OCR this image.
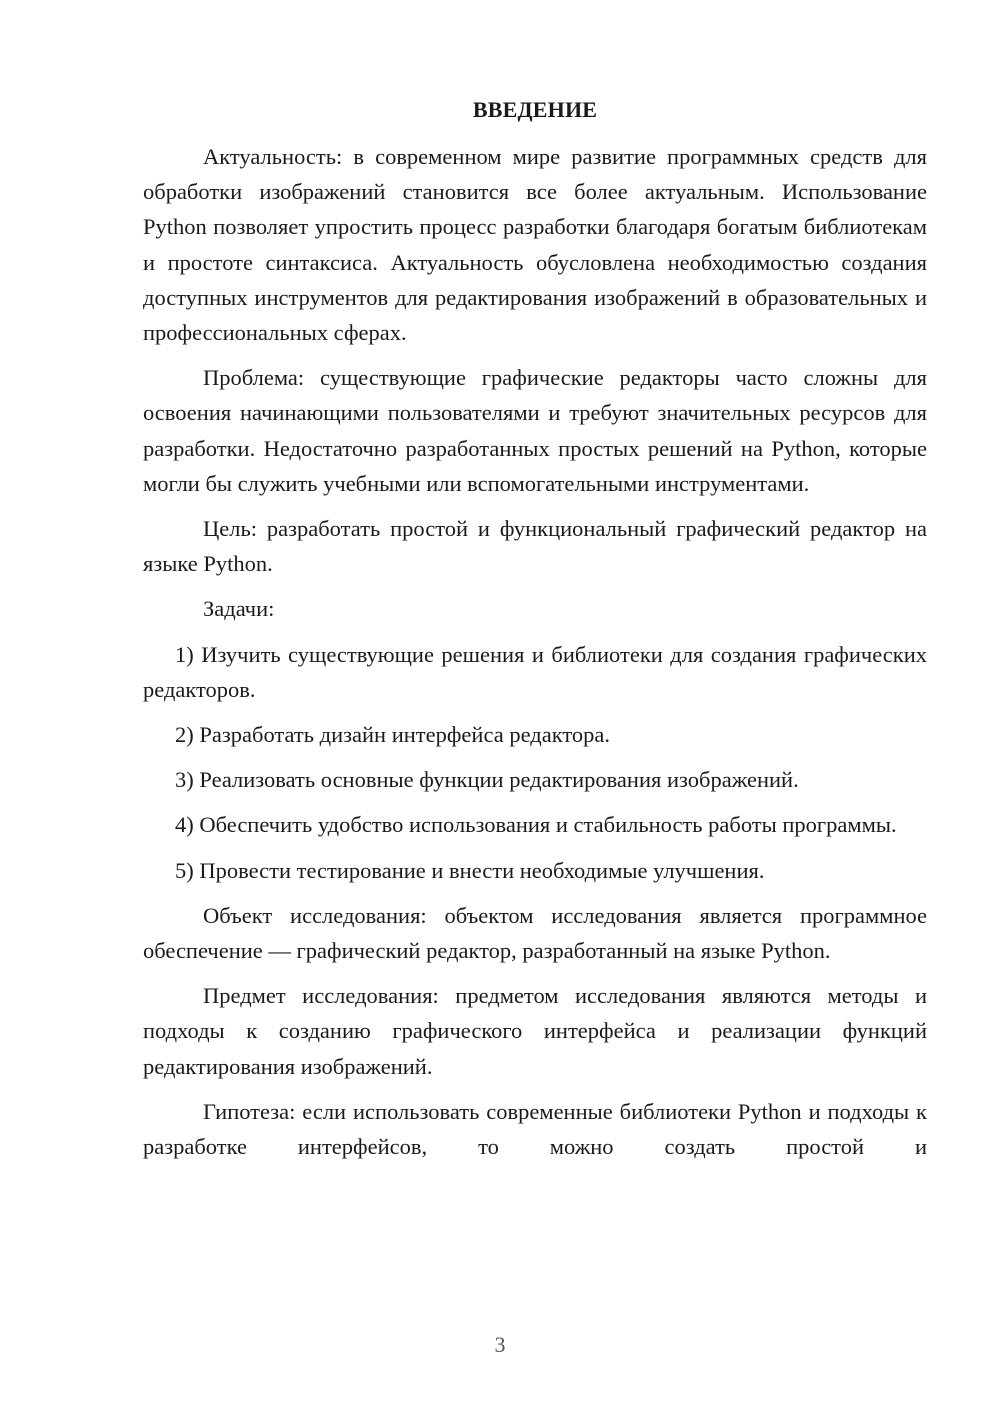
ВВЕДЕНИЕ

Актуальность: в современном мире развитие программных средств для обработки изображений становится все более актуальным. Использование Python позволяет упростить процесс разработки благодаря богатым библиотекам и простоте синтаксиса. Актуальность обусловлена необходимостью создания доступных инструментов для редактирования изображений в образовательных и профессиональных сферах.

Проблема: существующие графические редакторы часто сложны для освоения начинающими пользователями и требуют значительных ресурсов для разработки. Недостаточно разработанных простых решений на Python, которые могли бы служить учебными или вспомогательными инструментами.

Цель: разработать простой и функциональный графический редактор на языке Python.

Задачи:

1) Изучить существующие решения и библиотеки для создания графических редакторов.

2) Разработать дизайн интерфейса редактора.

3) Реализовать основные функции редактирования изображений.

4) Обеспечить удобство использования и стабильность работы программы.

5) Провести тестирование и внести необходимые улучшения.

Объект исследования: объектом исследования является программное обеспечение — графический редактор, разработанный на языке Python.

Предмет исследования: предметом исследования являются методы и подходы к созданию графического интерфейса и реализации функций редактирования изображений.

Гипотеза: если использовать современные библиотеки Python и подходы к разработке интерфейсов, то можно создать простой и

3
